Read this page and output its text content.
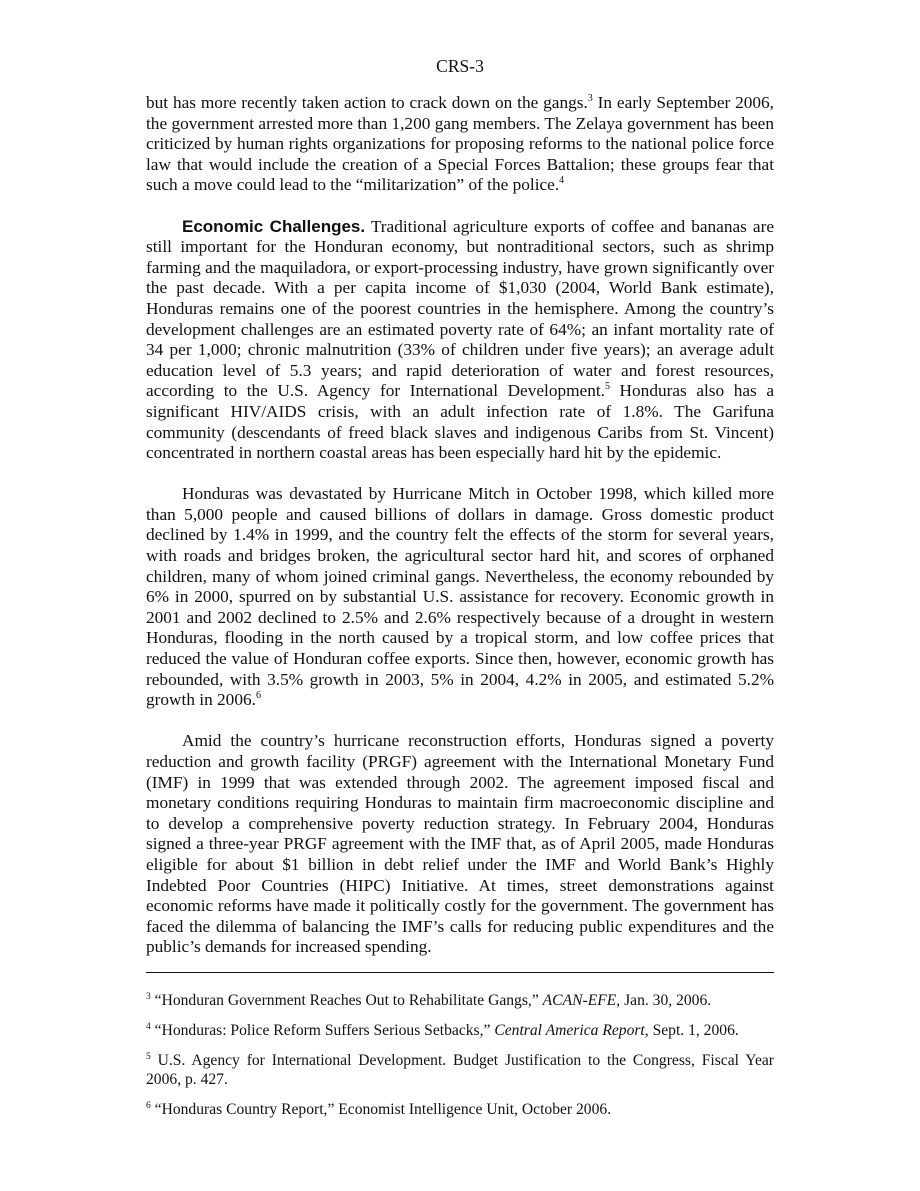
CRS-3

but has more recently taken action to crack down on the gangs.$^3$ In early September 2006, the government arrested more than 1,200 gang members. The Zelaya government has been criticized by human rights organizations for proposing reforms to the national police force law that would include the creation of a Special Forces Battalion; these groups fear that such a move could lead to the “militarization” of the police.$^4$

Economic Challenges. Traditional agriculture exports of coffee and bananas are still important for the Honduran economy, but nontraditional sectors, such as shrimp farming and the maquiladora, or export-processing industry, have grown significantly over the past decade. With a per capita income of $1,030 (2004, World Bank estimate), Honduras remains one of the poorest countries in the hemisphere. Among the country’s development challenges are an estimated poverty rate of 64%; an infant mortality rate of 34 per 1,000; chronic malnutrition (33% of children under five years); an average adult education level of 5.3 years; and rapid deterioration of water and forest resources, according to the U.S. Agency for International Development.$^5$ Honduras also has a significant HIV/AIDS crisis, with an adult infection rate of 1.8%. The Garifuna community (descendants of freed black slaves and indigenous Caribs from St. Vincent) concentrated in northern coastal areas has been especially hard hit by the epidemic.

Honduras was devastated by Hurricane Mitch in October 1998, which killed more than 5,000 people and caused billions of dollars in damage. Gross domestic product declined by 1.4% in 1999, and the country felt the effects of the storm for several years, with roads and bridges broken, the agricultural sector hard hit, and scores of orphaned children, many of whom joined criminal gangs. Nevertheless, the economy rebounded by 6% in 2000, spurred on by substantial U.S. assistance for recovery. Economic growth in 2001 and 2002 declined to 2.5% and 2.6% respectively because of a drought in western Honduras, flooding in the north caused by a tropical storm, and low coffee prices that reduced the value of Honduran coffee exports. Since then, however, economic growth has rebounded, with 3.5% growth in 2003, 5% in 2004, 4.2% in 2005, and estimated 5.2% growth in 2006.$^6$

Amid the country’s hurricane reconstruction efforts, Honduras signed a poverty reduction and growth facility (PRGF) agreement with the International Monetary Fund (IMF) in 1999 that was extended through 2002. The agreement imposed fiscal and monetary conditions requiring Honduras to maintain firm macroeconomic discipline and to develop a comprehensive poverty reduction strategy. In February 2004, Honduras signed a three-year PRGF agreement with the IMF that, as of April 2005, made Honduras eligible for about $1 billion in debt relief under the IMF and World Bank’s Highly Indebted Poor Countries (HIPC) Initiative. At times, street demonstrations against economic reforms have made it politically costly for the government. The government has faced the dilemma of balancing the IMF’s calls for reducing public expenditures and the public’s demands for increased spending.

$^3$ “Honduran Government Reaches Out to Rehabilitate Gangs,” ACAN-EFE, Jan. 30, 2006.

$^4$ “Honduras: Police Reform Suffers Serious Setbacks,” Central America Report, Sept. 1, 2006.

$^5$ U.S. Agency for International Development. Budget Justification to the Congress, Fiscal Year 2006, p. 427.

$^6$ “Honduras Country Report,” Economist Intelligence Unit, October 2006.
